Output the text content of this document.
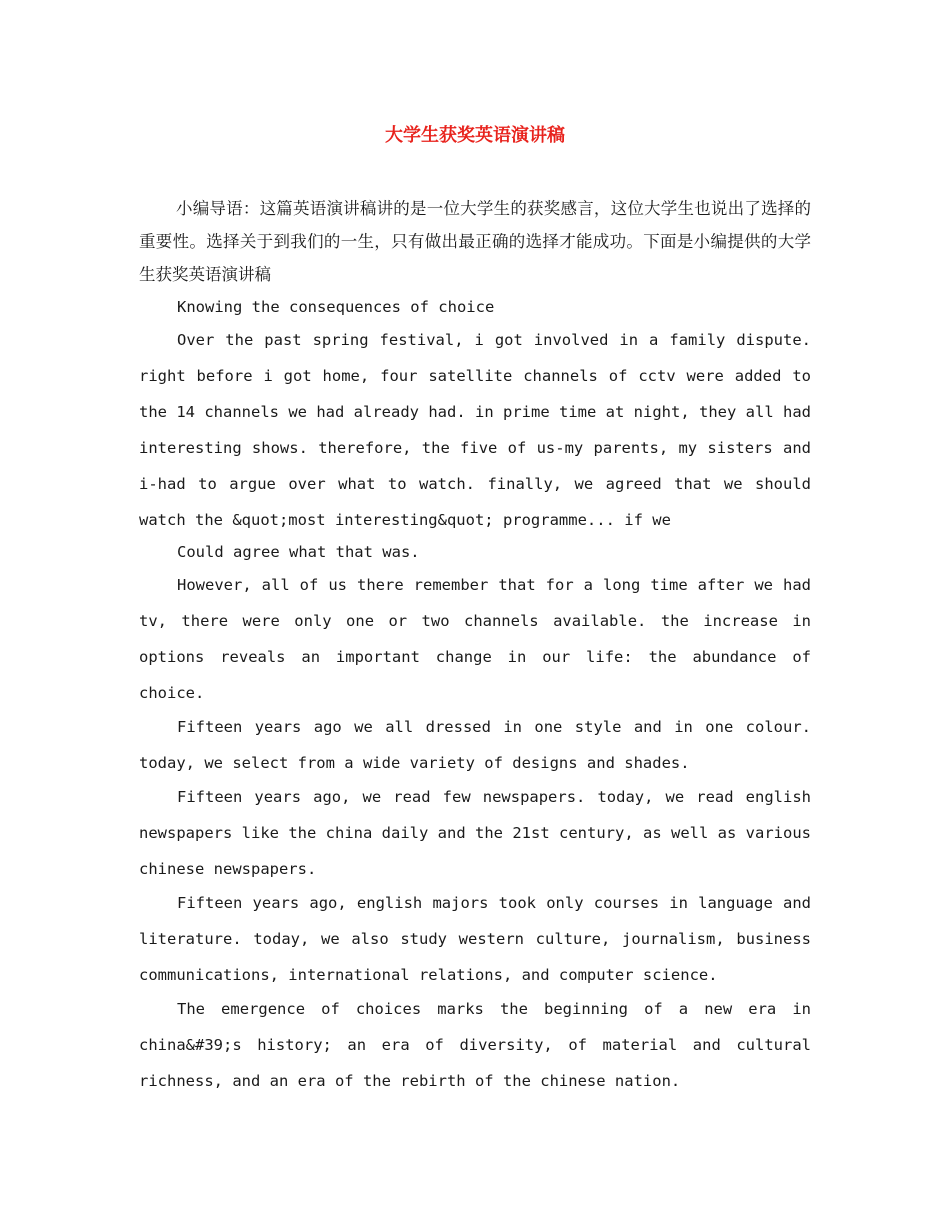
大学生获奖英语演讲稿

小编导语：这篇英语演讲稿讲的是一位大学生的获奖感言，这位大学生也说出了选择的重要性。选择关于到我们的一生，只有做出最正确的选择才能成功。下面是小编提供的大学生获奖英语演讲稿

Knowing the consequences of choice

Over the past spring festival, i got involved in a family dispute. right before i got home, four satellite channels of cctv were added to the 14 channels we had already had. in prime time at night, they all had interesting shows. therefore, the five of us-my parents, my sisters and i-had to argue over what to watch. finally, we agreed that we should watch the &quot;most interesting&quot; programme... if we

Could agree what that was.

However, all of us there remember that for a long time after we had tv, there were only one or two channels available. the increase in options reveals an important change in our life: the abundance of choice.

Fifteen years ago we all dressed in one style and in one colour. today, we select from a wide variety of designs and shades.

Fifteen years ago, we read few newspapers. today, we read english newspapers like the china daily and the 21st century, as well as various chinese newspapers.

Fifteen years ago, english majors took only courses in language and literature. today, we also study western culture, journalism, business communications, international relations, and computer science.

The emergence of choices marks the beginning of a new era in china&#39;s history; an era of diversity, of material and cultural richness, and an era of the rebirth of the chinese nation.
